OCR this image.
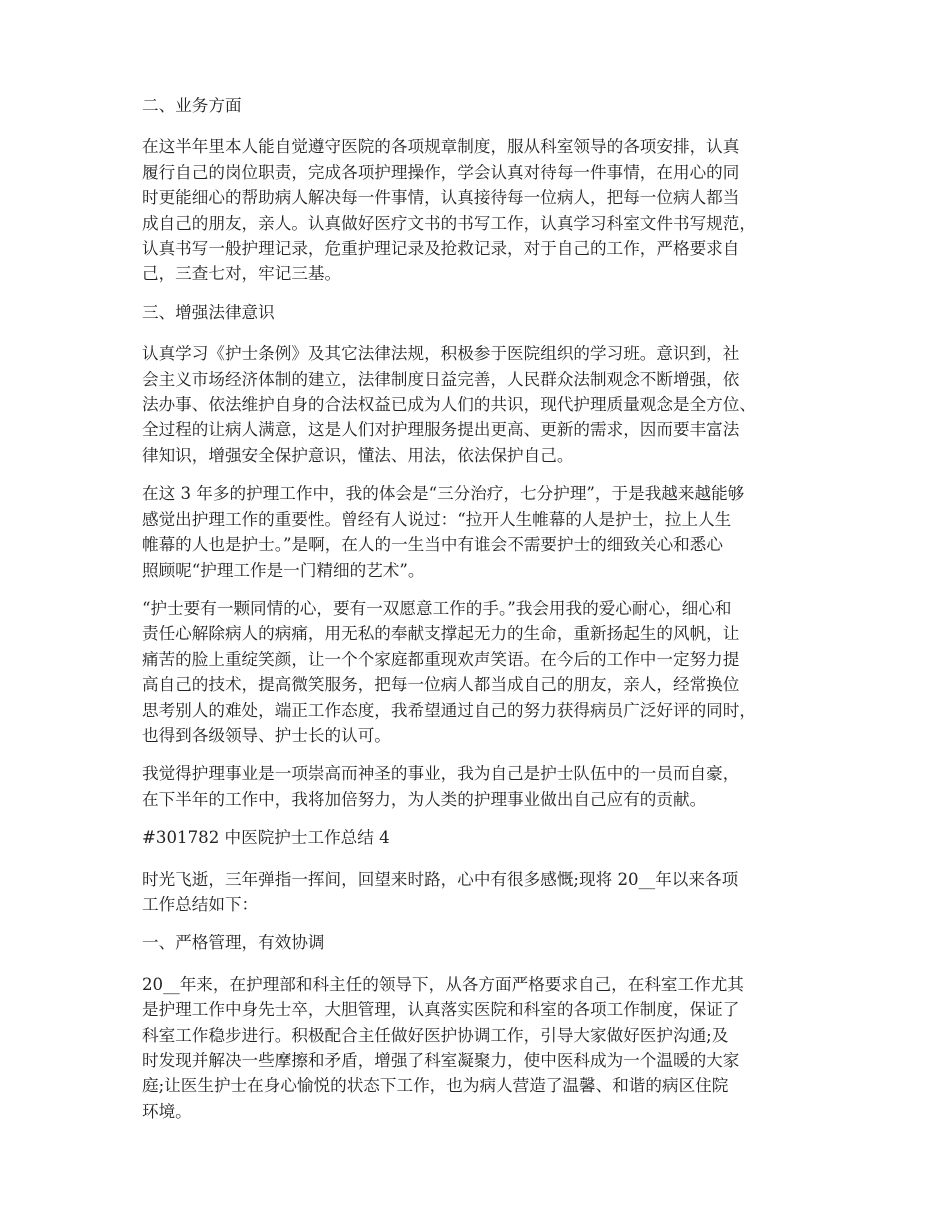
二、业务方面
在这半年里本人能自觉遵守医院的各项规章制度，服从科室领导的各项安排，认真
履行自己的岗位职责，完成各项护理操作，学会认真对待每一件事情，在用心的同
时更能细心的帮助病人解决每一件事情，认真接待每一位病人，把每一位病人都当
成自己的朋友，亲人。认真做好医疗文书的书写工作，认真学习科室文件书写规范，
认真书写一般护理记录，危重护理记录及抢救记录，对于自己的工作，严格要求自
己，三查七对，牢记三基。
三、增强法律意识
认真学习《护士条例》及其它法律法规，积极参于医院组织的学习班。意识到，社
会主义市场经济体制的建立，法律制度日益完善，人民群众法制观念不断增强，依
法办事、依法维护自身的合法权益已成为人们的共识，现代护理质量观念是全方位、
全过程的让病人满意，这是人们对护理服务提出更高、更新的需求，因而要丰富法
律知识，增强安全保护意识，懂法、用法，依法保护自己。
在这 3 年多的护理工作中，我的体会是“三分治疗，七分护理”，于是我越来越能够
感觉出护理工作的重要性。曾经有人说过：“拉开人生帷幕的人是护士，拉上人生
帷幕的人也是护士。”是啊，在人的一生当中有谁会不需要护士的细致关心和悉心
照顾呢“护理工作是一门精细的艺术”。
“护士要有一颗同情的心，要有一双愿意工作的手。”我会用我的爱心耐心，细心和
责任心解除病人的病痛，用无私的奉献支撑起无力的生命，重新扬起生的风帆，让
痛苦的脸上重绽笑颜，让一个个家庭都重现欢声笑语。在今后的工作中一定努力提
高自己的技术，提高微笑服务，把每一位病人都当成自己的朋友，亲人，经常换位
思考别人的难处，端正工作态度，我希望通过自己的努力获得病员广泛好评的同时，
也得到各级领导、护士长的认可。
我觉得护理事业是一项崇高而神圣的事业，我为自己是护士队伍中的一员而自豪，
在下半年的工作中，我将加倍努力，为人类的护理事业做出自己应有的贡献。
#301782 中医院护士工作总结 4
时光飞逝，三年弹指一挥间，回望来时路，心中有很多感慨;现将 20__年以来各项
工作总结如下：
一、严格管理，有效协调
20__年来，在护理部和科主任的领导下，从各方面严格要求自己，在科室工作尤其
是护理工作中身先士卒，大胆管理，认真落实医院和科室的各项工作制度，保证了
科室工作稳步进行。积极配合主任做好医护协调工作，引导大家做好医护沟通;及
时发现并解决一些摩擦和矛盾，增强了科室凝聚力，使中医科成为一个温暖的大家
庭;让医生护士在身心愉悦的状态下工作，也为病人营造了温馨、和谐的病区住院
环境。
